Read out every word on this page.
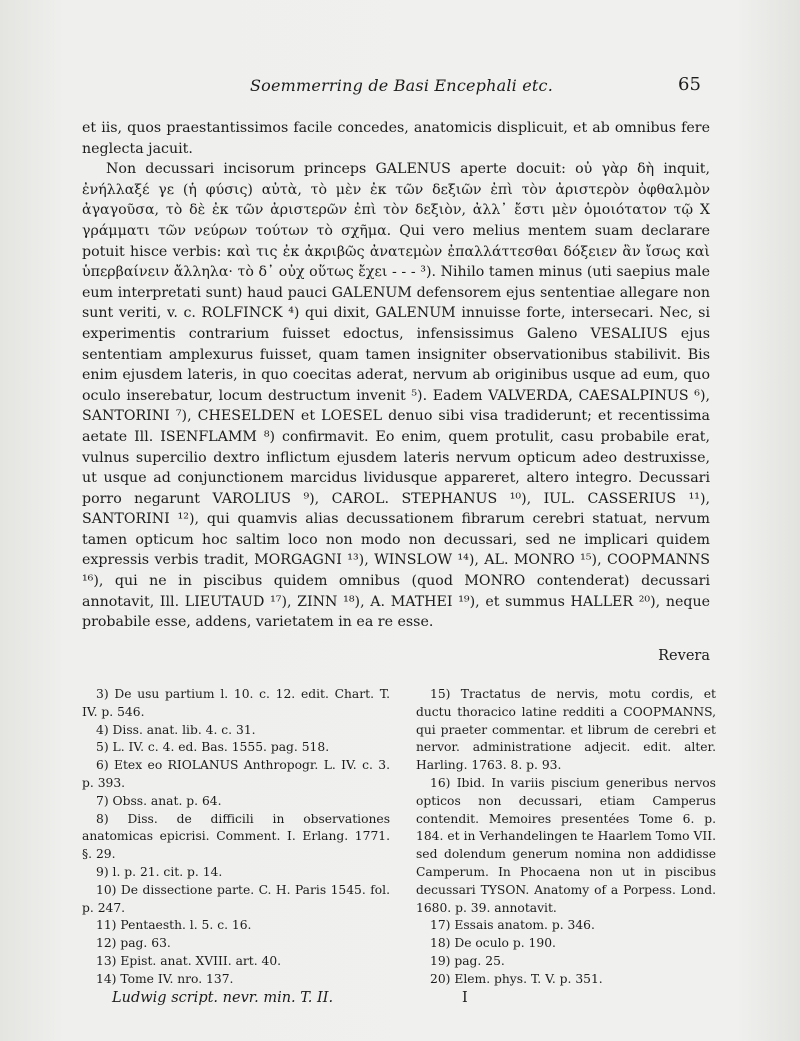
Soemmerring de Basi Encephali etc.	65

et iis, quos praestantissimos facile concedes, anatomicis displicuit, et ab omnibus fere neglecta jacuit.

Non decussari incisorum princeps GALENUS aperte docuit: οὐ γὰρ δὴ inquit, ἐνήλλαξέ γε (ἡ φύσις) αὐτὰ, τὸ μὲν ἐκ τῶν δεξιῶν ἐπὶ τὸν ἀριστερὸν ὀφθαλμὸν ἀγαγοῦσα, τὸ δὲ ἐκ τῶν ἀριστερῶν ἐπὶ τὸν δεξιὸν, ἀλλ᾽ ἔστι μὲν ὁμοιότατον τῷ Χ γράμματι τῶν νεύρων τούτων τὸ σχῆμα. Qui vero melius mentem suam declarare potuit hisce verbis: καὶ τις ἐκ ἀκριβῶς ἀνατεμὼν ἐπαλλάττεσθαι δόξειεν ἂν ἴσως καὶ ὑπερβαίνειν ἄλληλα· τὸ δ᾽ οὐχ οὕτως ἔχει - - - ³). Nihilo tamen minus (uti saepius male eum interpretati sunt) haud pauci GALENUM defensorem ejus sententiae allegare non sunt veriti, v. c. ROLFINCK ⁴) qui dixit, GALENUM innuisse forte, intersecari. Nec, si experimentis contrarium fuisset edoctus, infensissimus Galeno VESALIUS ejus sententiam amplexurus fuisset, quam tamen insigniter observationibus stabilivit. Bis enim ejusdem lateris, in quo coecitas aderat, nervum ab originibus usque ad eum, quo oculo inserebatur, locum destructum invenit ⁵). Eadem VALVERDA, CAESALPINUS ⁶), SANTORINI ⁷), CHESELDEN et LOESEL denuo sibi visa tradiderunt; et recentissima aetate Ill. ISENFLAMM ⁸) confirmavit. Eo enim, quem protulit, casu probabile erat, vulnus supercilio dextro inflictum ejusdem lateris nervum opticum adeo destruxisse, ut usque ad conjunctionem marcidus lividusque appareret, altero integro. Decussari porro negarunt VAROLIUS ⁹), CAROL. STEPHANUS ¹⁰), IUL. CASSERIUS ¹¹), SANTORINI ¹²), qui quamvis alias decussationem fibrarum cerebri statuat, nervum tamen opticum hoc saltim loco non modo non decussari, sed ne implicari quidem expressis verbis tradit, MORGAGNI ¹³), WINSLOW ¹⁴), AL. MONRO ¹⁵), COOPMANNS ¹⁶), qui ne in piscibus quidem omnibus (quod MONRO contenderat) decussari annotavit, Ill. LIEUTAUD ¹⁷), ZINN ¹⁸), A. MATHEI ¹⁹), et summus HALLER ²⁰), neque probabile esse, addens, varietatem in ea re esse.

Revera

3) De usu partium l. 10. c. 12. edit. Chart. T. IV. p. 546.

4) Diss. anat. lib. 4. c. 31.

5) L. IV. c. 4. ed. Bas. 1555. pag. 518.

6) Etex eo RIOLANUS Anthropogr. L. IV. c. 3. p. 393.

7) Obss. anat. p. 64.

8) Diss. de difficili in observationes anatomicas epicrisi. Comment. I. Erlang. 1771. §. 29.

9) l. p. 21. cit. p. 14.

10) De dissectione parte. C. H. Paris 1545. fol. p. 247.

11) Pentaesth. l. 5. c. 16.

12) pag. 63.

13) Epist. anat. XVIII. art. 40.

14) Tome IV. nro. 137.

15) Tractatus de nervis, motu cordis, et ductu thoracico latine redditi a COOPMANNS, qui praeter commentar. et librum de cerebri et nervor. administratione adjecit. edit. alter. Harling. 1763. 8. p. 93.

16) Ibid. In variis piscium generibus nervos opticos non decussari, etiam Camperus contendit. Memoires presentées Tome 6. p. 184. et in Verhandelingen te Haarlem Tomo VII. sed dolendum generum nomina non addidisse Camperum. In Phocaena non ut in piscibus decussari TYSON. Anatomy of a Porpess. Lond. 1680. p. 39. annotavit.

17) Essais anatom. p. 346.

18) De oculo p. 190.

19) pag. 25.

20) Elem. phys. T. V. p. 351.

Ludwig script. nevr. min. T. II.	I
